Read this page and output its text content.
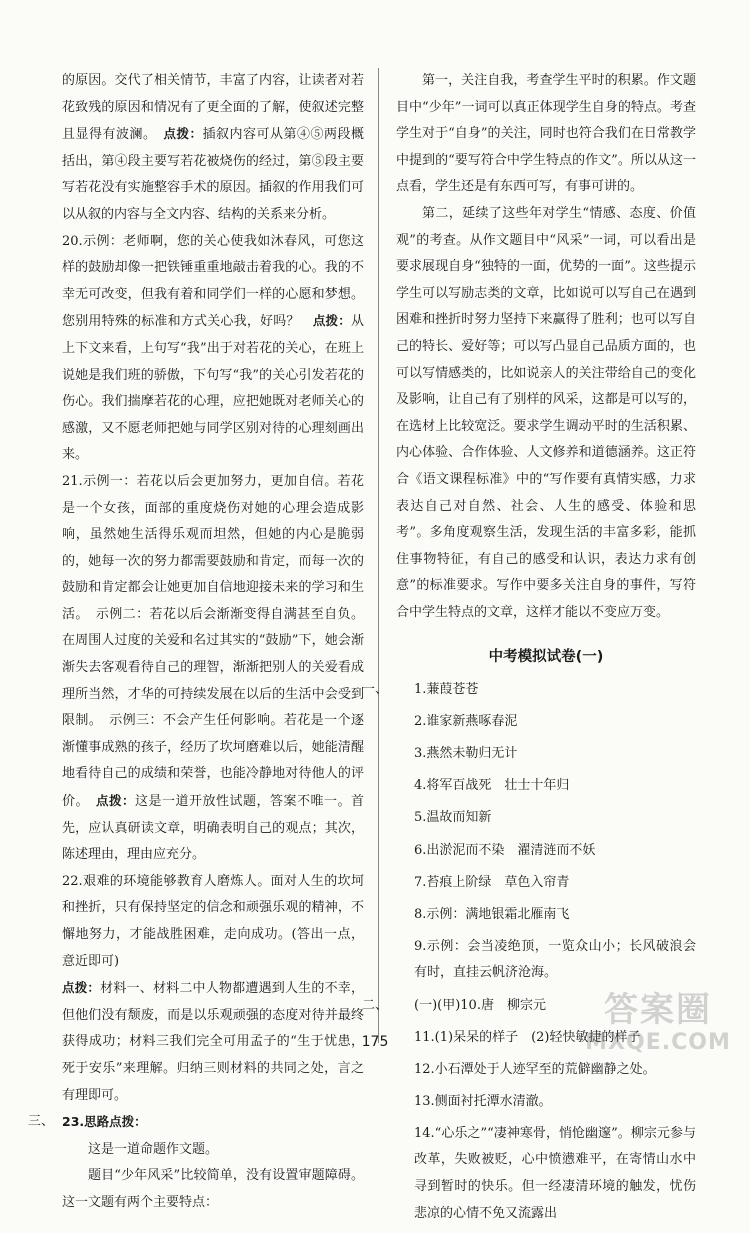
的原因。交代了相关情节，丰富了内容，让读者对若花致残的原因和情况有了更全面的了解，使叙述完整且显得有波澜。　 点拨：插叙内容可从第④⑤两段概括出，第④段主要写若花被烧伤的经过，第⑤段主要写若花没有实施整容手术的原因。插叙的作用我们可以从叙的内容与全文内容、结构的关系来分析。

20.示例：老师啊，您的关心使我如沐春风，可您这样的鼓励却像一把铁锤重重地敲击着我的心。我的不幸无可改变，但我有着和同学们一样的心愿和梦想。您别用特殊的标准和方式关心我，好吗？　 点拨：从上下文来看，上句写“我”出于对若花的关心，在班上说她是我们班的骄傲，下句写“我”的关心引发若花的伤心。我们揣摩若花的心理，应把她既对老师关心的感激，又不愿老师把她与同学区别对待的心理刻画出来。

21.示例一：若花以后会更加努力，更加自信。若花是一个女孩，面部的重度烧伤对她的心理会造成影响，虽然她生活得乐观而坦然，但她的内心是脆弱的，她每一次的努力都需要鼓励和肯定，而每一次的鼓励和肯定都会让她更加自信地迎接未来的学习和生活。　 示例二：若花以后会渐渐变得自满甚至自负。在周围人过度的关爱和名过其实的“鼓励”下，她会渐渐失去客观看待自己的理智，渐渐把别人的关爱看成理所当然，才华的可持续发展在以后的生活中会受到限制。　 示例三：不会产生任何影响。若花是一个逐渐懂事成熟的孩子，经历了坎坷磨难以后，她能清醒地看待自己的成绩和荣誉，也能冷静地对待他人的评价。　 点拨：这是一道开放性试题，答案不唯一。首先，应认真研读文章，明确表明自己的观点；其次，陈述理由，理由应充分。

22.艰难的环境能够教育人磨炼人。面对人生的坎坷和挫折，只有保持坚定的信念和顽强乐观的精神，不懈地努力，才能战胜困难，走向成功。(答出一点，意近即可)
点拨：材料一、材料二中人物都遭遇到人生的不幸，但他们没有颓废，而是以乐观顽强的态度对待并最终获得成功；材料三我们完全可用孟子的“生于忧患，死于安乐”来理解。归纳三则材料的共同之处，言之有理即可。

三、 23.思路点拨：

这是一道命题作文题。

题目“少年风采”比较简单，没有设置审题障碍。这一文题有两个主要特点：

第一，关注自我，考查学生平时的积累。作文题目中“少年”一词可以真正体现学生自身的特点。考查学生对于“自身”的关注，同时也符合我们在日常教学中提到的“要写符合中学生特点的作文”。所以从这一点看，学生还是有东西可写，有事可讲的。

第二，延续了这些年对学生“情感、态度、价值观”的考查。从作文题目中“风采”一词，可以看出是要求展现自身“独特的一面，优势的一面”。这些提示学生可以写励志类的文章，比如说可以写自己在遇到困难和挫折时努力坚持下来赢得了胜利；也可以写自己的特长、爱好等；可以写凸显自己品质方面的，也可以写情感类的，比如说亲人的关注带给自己的变化及影响，让自己有了别样的风采，这都是可以写的，在选材上比较宽泛。要求学生调动平时的生活积累、内心体验、合作体验、人文修养和道德涵养。这正符合《语文课程标准》中的“写作要有真情实感，力求表达自己对自然、社会、人生的感受、体验和思考”。多角度观察生活，发现生活的丰富多彩，能抓住事物特征，有自己的感受和认识，表达力求有创意”的标准要求。写作中要多关注自身的事件，写符合中学生特点的文章，这样才能以不变应万变。

中考模拟试卷(一)
一、	1.蒹葭苍苍
2.谁家新燕啄春泥
3.燕然未勒归无计
4.将军百战死　壮士十年归
5.温故而知新
6.出淤泥而不染　濯清涟而不妖
7.苔痕上阶绿　草色入帘青
8.示例：满地银霜北雁南飞
9.示例：会当凌绝顶，一览众山小；长风破浪会有时，直挂云帆济沧海。
二、	(一)(甲)10.唐　柳宗元
11.(1)呆呆的样子　(2)轻快敏捷的样子
12.小石潭处于人迹罕至的荒僻幽静之处。
13.侧面衬托潭水清澈。
14.“心乐之”“凄神寒骨，悄怆幽邃”。柳宗元参与改革，失败被贬，心中愤懑难平，在寄情山水中寻到暂时的快乐。但一经凄清环境的触发，忧伤悲凉的心情不免又流露出
175
答案圈
MXQE.COM
